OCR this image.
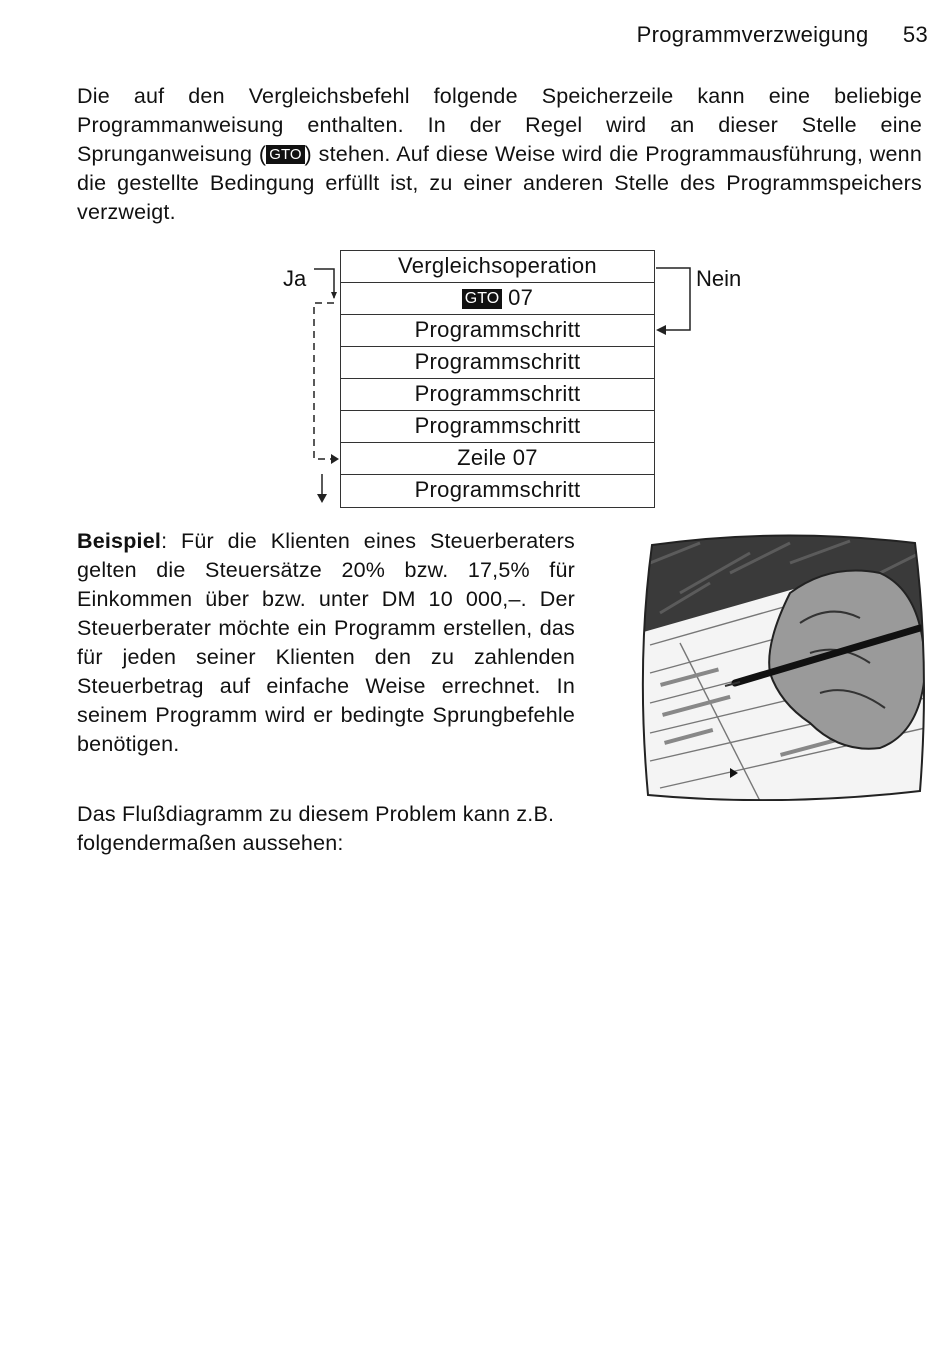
Programmverzweigung 53
Die auf den Vergleichsbefehl folgende Speicherzeile kann eine beliebige Programmanweisung enthalten. In der Regel wird an dieser Stelle eine Sprunganweisung ( GTO ) stehen. Auf diese Weise wird die Programmausführung, wenn die gestellte Bedingung erfüllt ist, zu einer anderen Stelle des Programmspeichers verzweigt.
Ja	Nein
Vergleichsoperation
GTO 07
Programmschritt
Programmschritt
Programmschritt
Programmschritt
Zeile 07
Programmschritt
Beispiel: Für die Klienten eines Steuerberaters gelten die Steuersätze 20% bzw. 17,5% für Einkommen über bzw. unter DM 10 000,–. Der Steuerberater möchte ein Programm erstellen, das für jeden seiner Klienten den zu zahlenden Steuerbetrag auf einfache Weise errechnet. In seinem Programm wird er bedingte Sprungbefehle benötigen.
Das Flußdiagramm zu diesem Problem kann z.B. folgendermaßen aussehen:
